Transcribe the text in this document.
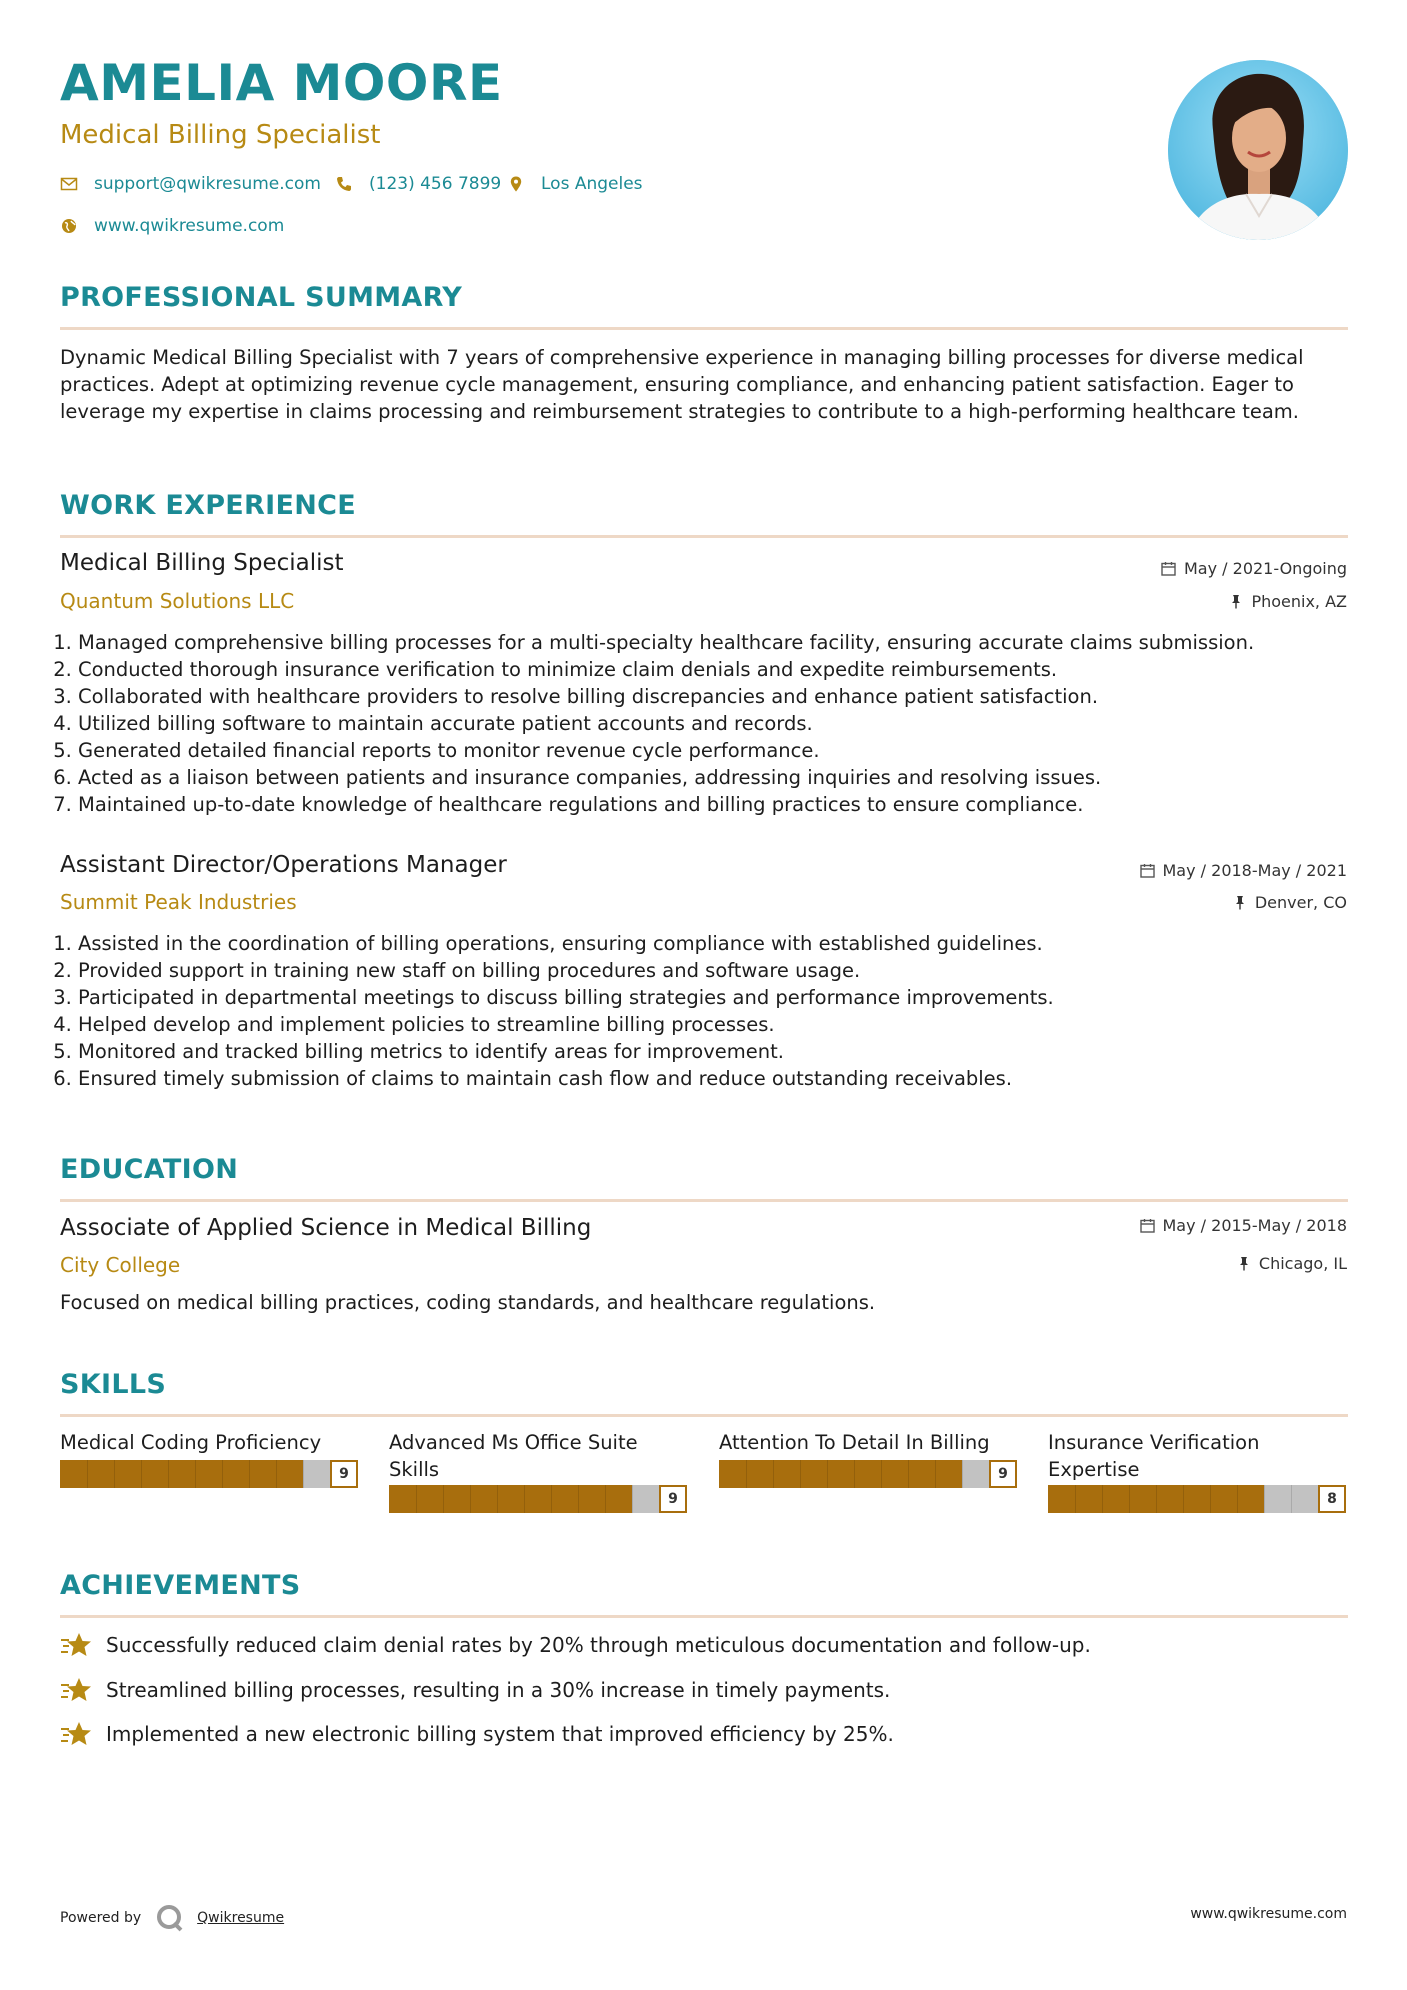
AMELIA MOORE
Medical Billing Specialist
support@qwikresume.com	(123) 456 7899 Los Angeles
www.qwikresume.com
PROFESSIONAL SUMMARY
Dynamic Medical Billing Specialist with 7 years of comprehensive experience in managing billing processes for diverse medical practices. Adept at optimizing revenue cycle management, ensuring compliance, and enhancing patient satisfaction. Eager to leverage my expertise in claims processing and reimbursement strategies to contribute to a high-performing healthcare team.
WORK EXPERIENCE
Medical Billing Specialist
Quantum Solutions LLC
May / 2021-Ongoing
Phoenix, AZ
1. Managed comprehensive billing processes for a multi-specialty healthcare facility, ensuring accurate claims submission.
2. Conducted thorough insurance verification to minimize claim denials and expedite reimbursements.
3. Collaborated with healthcare providers to resolve billing discrepancies and enhance patient satisfaction.
4. Utilized billing software to maintain accurate patient accounts and records.
5. Generated detailed financial reports to monitor revenue cycle performance.
6. Acted as a liaison between patients and insurance companies, addressing inquiries and resolving issues.
7. Maintained up-to-date knowledge of healthcare regulations and billing practices to ensure compliance.
Assistant Director/Operations Manager
Summit Peak Industries
May / 2018-May / 2021
Denver, CO
1. Assisted in the coordination of billing operations, ensuring compliance with established guidelines.
2. Provided support in training new staff on billing procedures and software usage.
3. Participated in departmental meetings to discuss billing strategies and performance improvements.
4. Helped develop and implement policies to streamline billing processes.
5. Monitored and tracked billing metrics to identify areas for improvement.
6. Ensured timely submission of claims to maintain cash flow and reduce outstanding receivables.
EDUCATION
Associate of Applied Science in Medical Billing
City College
May / 2015-May / 2018
Chicago, IL
Focused on medical billing practices, coding standards, and healthcare regulations.
SKILLS
Medical Coding Proficiency
9
Advanced Ms Office Suite Skills
9
Attention To Detail In Billing
9
Insurance Verification Expertise
8
ACHIEVEMENTS
Successfully reduced claim denial rates by 20% through meticulous documentation and follow-up.
Streamlined billing processes, resulting in a 30% increase in timely payments.
Implemented a new electronic billing system that improved efficiency by 25%.
Powered by	Qwikresume	www.qwikresume.com
